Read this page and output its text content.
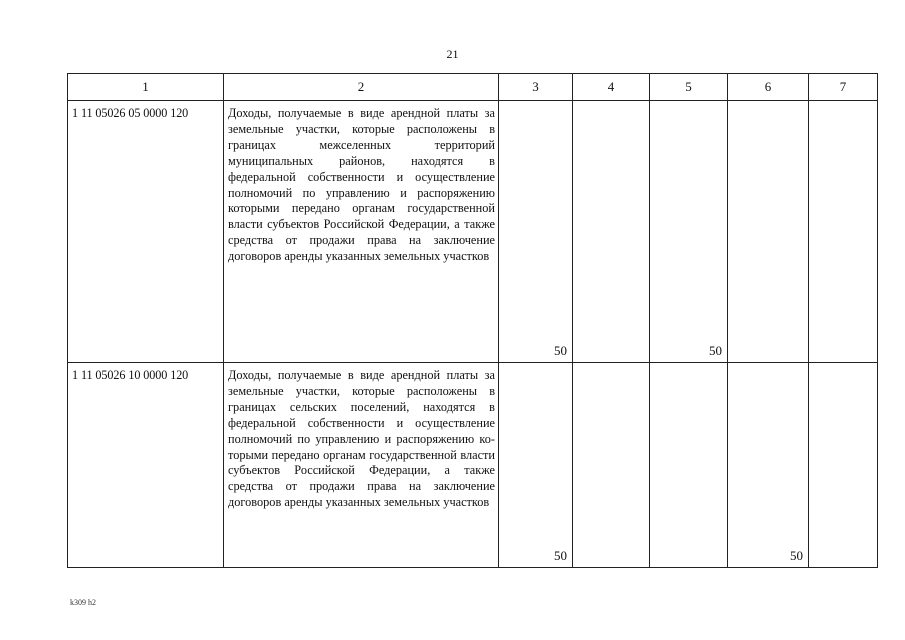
21
1	2	3	4	5	6	7
1 11 05026 05 0000 120	Доходы, получаемые в виде арендной платы за земельные участки, которые расположены в границах межселенных территорий муниципальных районов, находятся в федеральной собственности и осуществление полномочий по управлению и распоряжению которыми передано органам государственной власти субъектов Российской Федерации, а также средства от продажи права на заключение договоров аренды указанных земельных участков	50		50		
1 11 05026 10 0000 120	Доходы, получаемые в виде арендной платы за земельные участки, которые расположены в границах сельских поселений, находятся в федеральной собственности и осуществление полномочий по управлению и распоряжению которыми передано органам государственной власти субъектов Российской Федерации, а также средства от продажи права на заключение договоров аренды указанных земельных участков	50			50	
k309 h2
